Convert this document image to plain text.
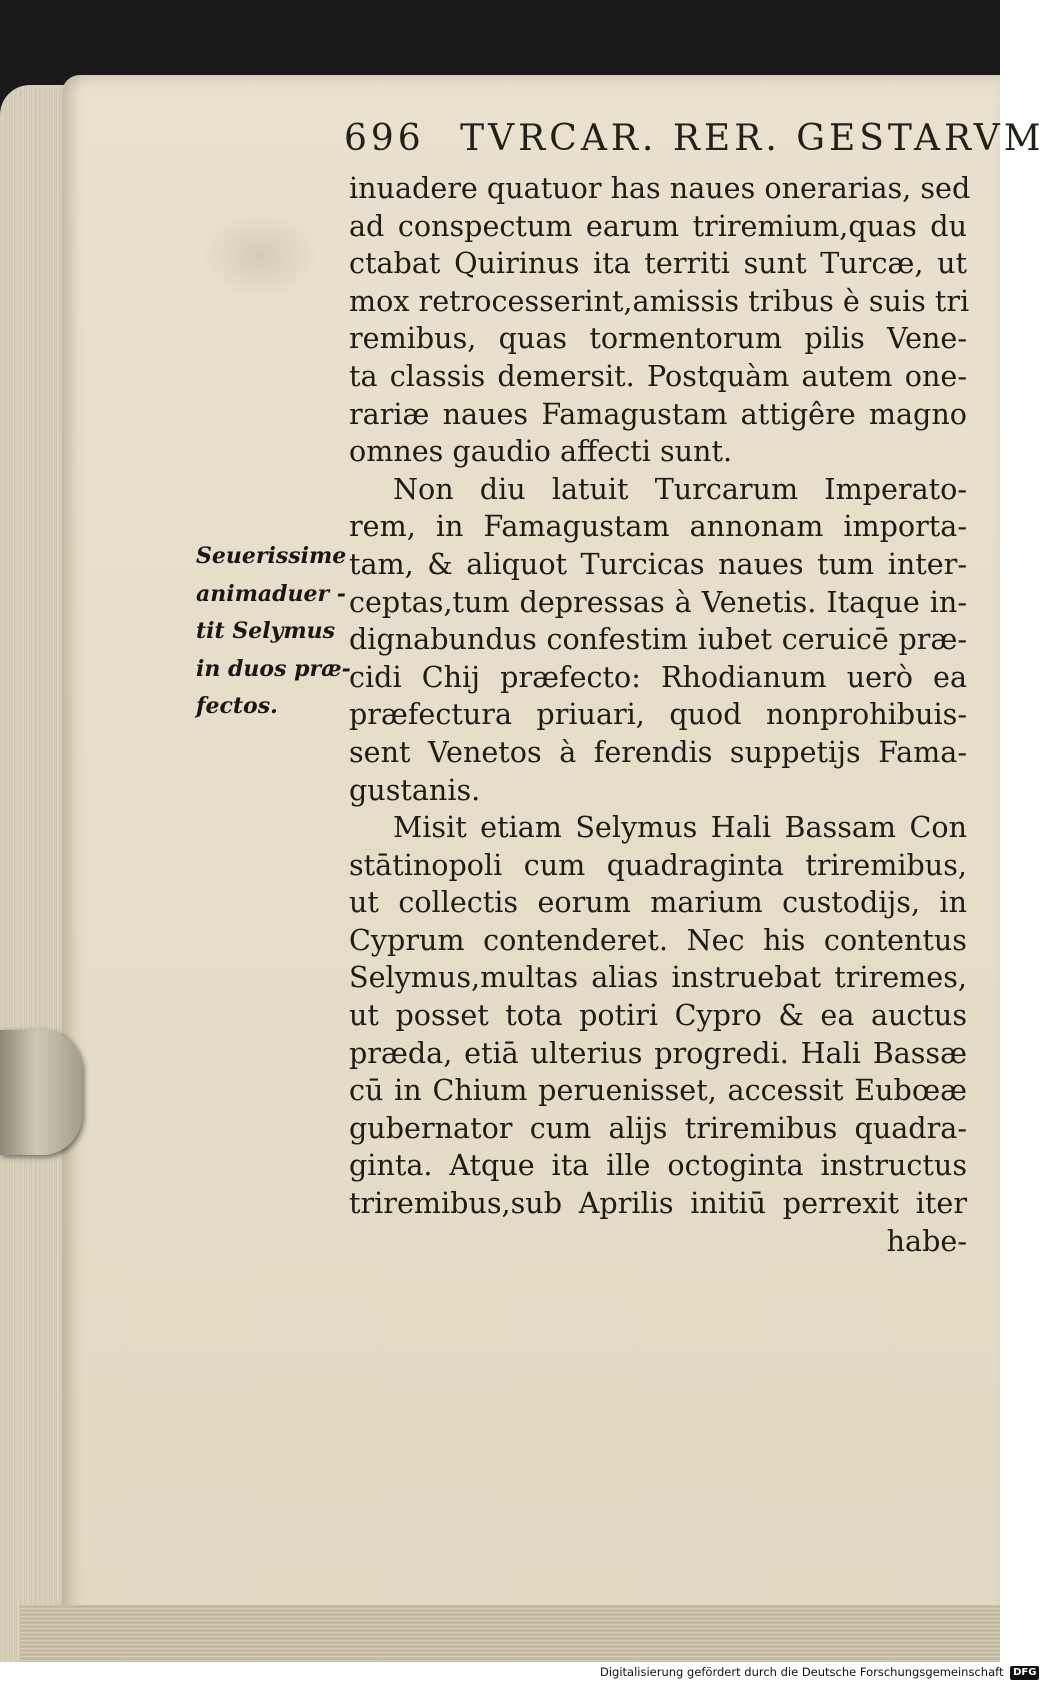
696 TVRCAR. RER. GESTARVM
Seuerissime
animaduer -
tit Selymus
in duos præ-
fectos.
inuadere quatuor has naues onerarias, sed
ad conspectum earum triremium,quas du
ctabat Quirinus ita territi sunt Turcæ, ut
mox retrocesserint,amissis tribus è suis tri
remibus, quas tormentorum pilis Vene-
ta classis demersit. Postquàm autem one-
rariæ naues Famagustam attigêre magno
omnes gaudio affecti sunt.
Non diu latuit Turcarum Imperato-
rem, in Famagustam annonam importa-
tam, & aliquot Turcicas naues tum inter-
ceptas,tum depressas à Venetis. Itaque in-
dignabundus confestim iubet ceruicē præ-
cidi Chij præfecto: Rhodianum uerò ea
præfectura priuari, quod nonprohibuis-
sent Venetos à ferendis suppetijs Fama-
gustanis.
Misit etiam Selymus Hali Bassam Con
stātinopoli cum quadraginta triremibus,
ut collectis eorum marium custodijs, in
Cyprum contenderet. Nec his contentus
Selymus,multas alias instruebat triremes,
ut posset tota potiri Cypro & ea auctus
præda, etiā ulterius progredi. Hali Bassæ
cū in Chium peruenisset, accessit Eubœæ
gubernator cum alijs triremibus quadra-
ginta. Atque ita ille octoginta instructus
triremibus,sub Aprilis initiū perrexit iter
habe-
Digitalisierung gefördert durch die Deutsche Forschungsgemeinschaft DFG
